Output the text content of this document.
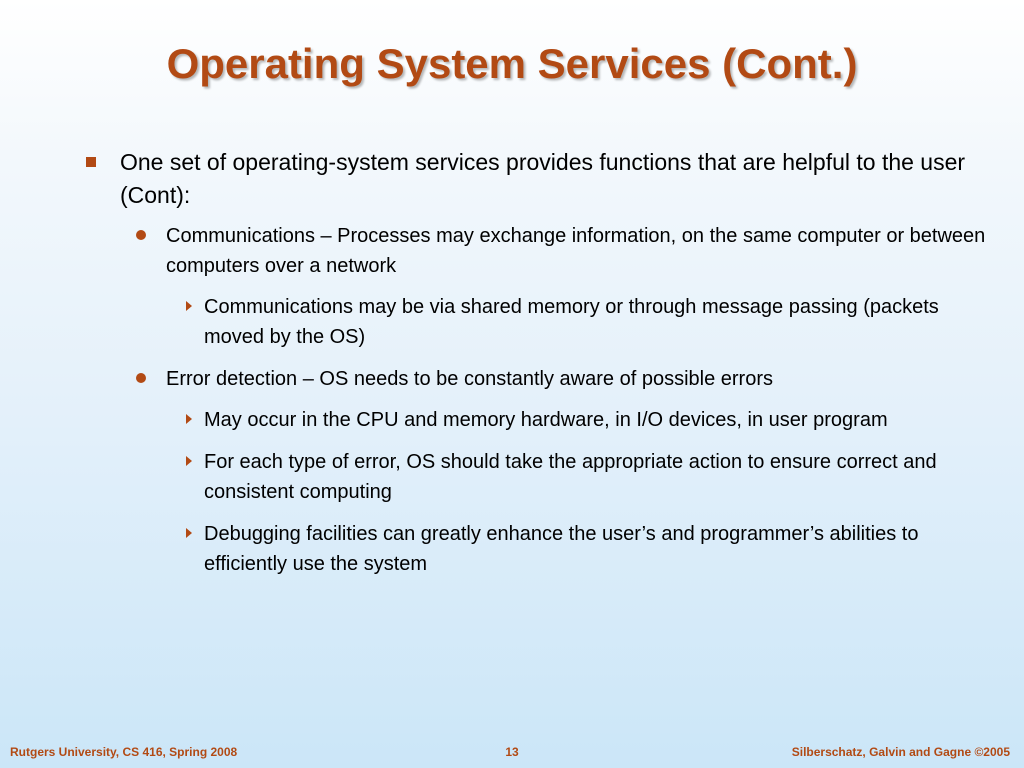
Operating System Services (Cont.)
One set of operating-system services provides functions that are helpful to the user (Cont):
Communications – Processes may exchange information, on the same computer or between computers over a network
Communications may be via shared memory or through message passing (packets moved by the OS)
Error detection – OS needs to be constantly aware of possible errors
May occur in the CPU and memory hardware, in I/O devices, in user program
For each type of error, OS should take the appropriate action to ensure correct and consistent computing
Debugging facilities can greatly enhance the user’s and programmer’s abilities to efficiently use the system
Rutgers University, CS 416, Spring 2008	13	Silberschatz, Galvin and Gagne ©2005
